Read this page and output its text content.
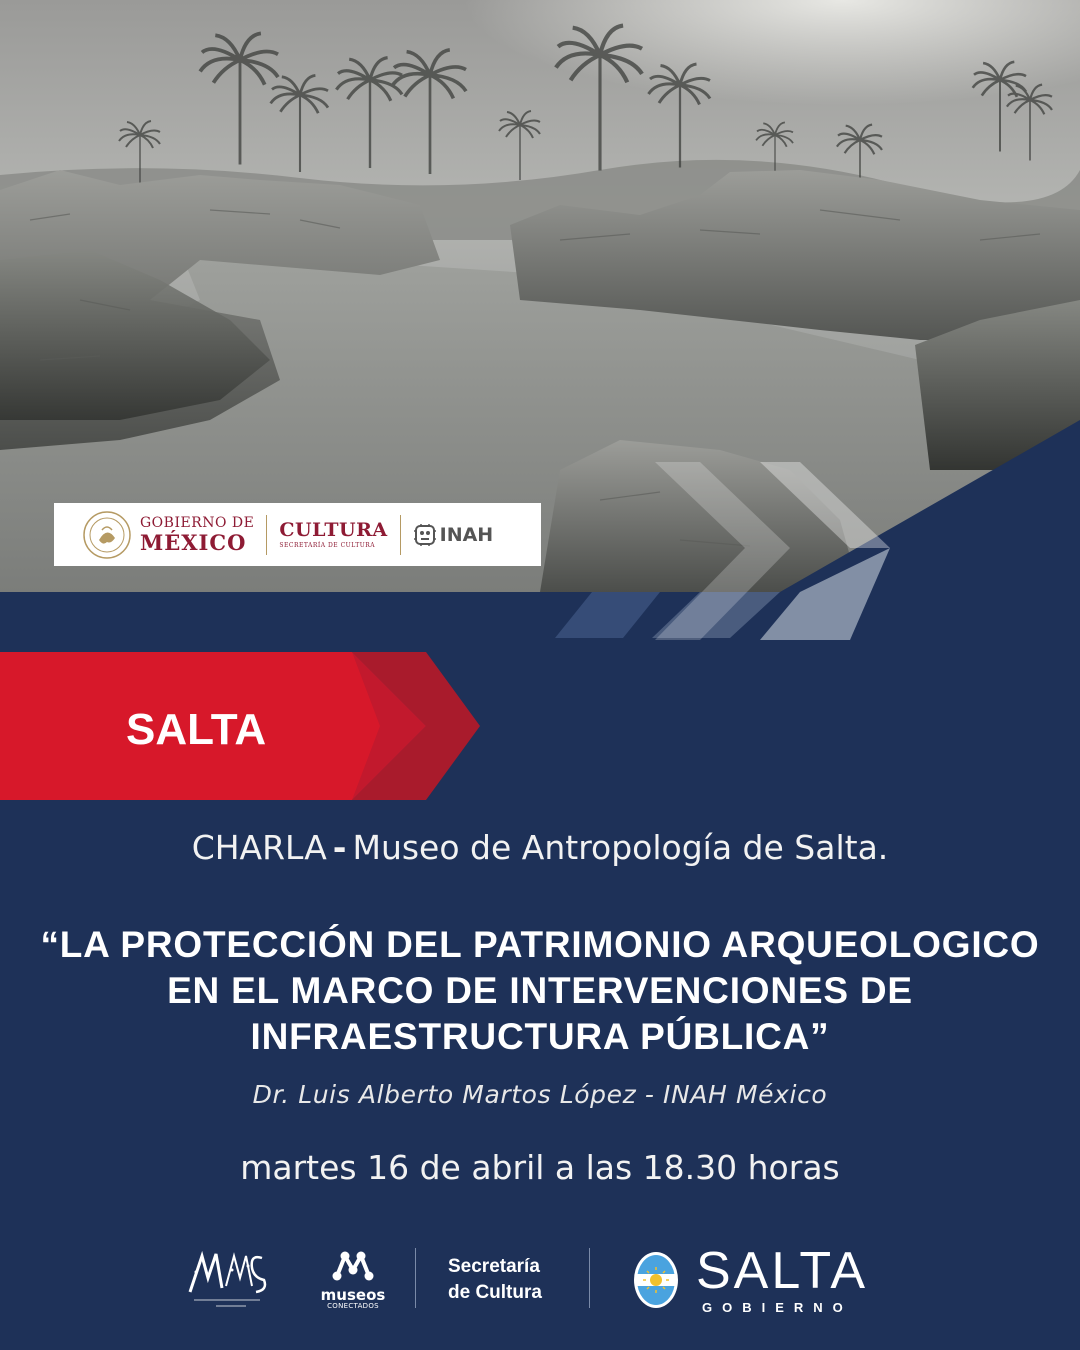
GOBIERNO DE
MÉXICO
CULTURA
SECRETARÍA DE CULTURA	INAH
SALTA
CHARLA - Museo de Antropología de Salta.
“LA PROTECCIÓN DEL PATRIMONIO ARQUEOLOGICO
EN EL MARCO DE INTERVENCIONES DE
INFRAESTRUCTURA PÚBLICA”
Dr. Luis Alberto Martos López - INAH México
martes 16 de abril a las 18.30 horas
museos
CONECTADOS
Secretaría
de Cultura	SALTA
GOBIERNO
